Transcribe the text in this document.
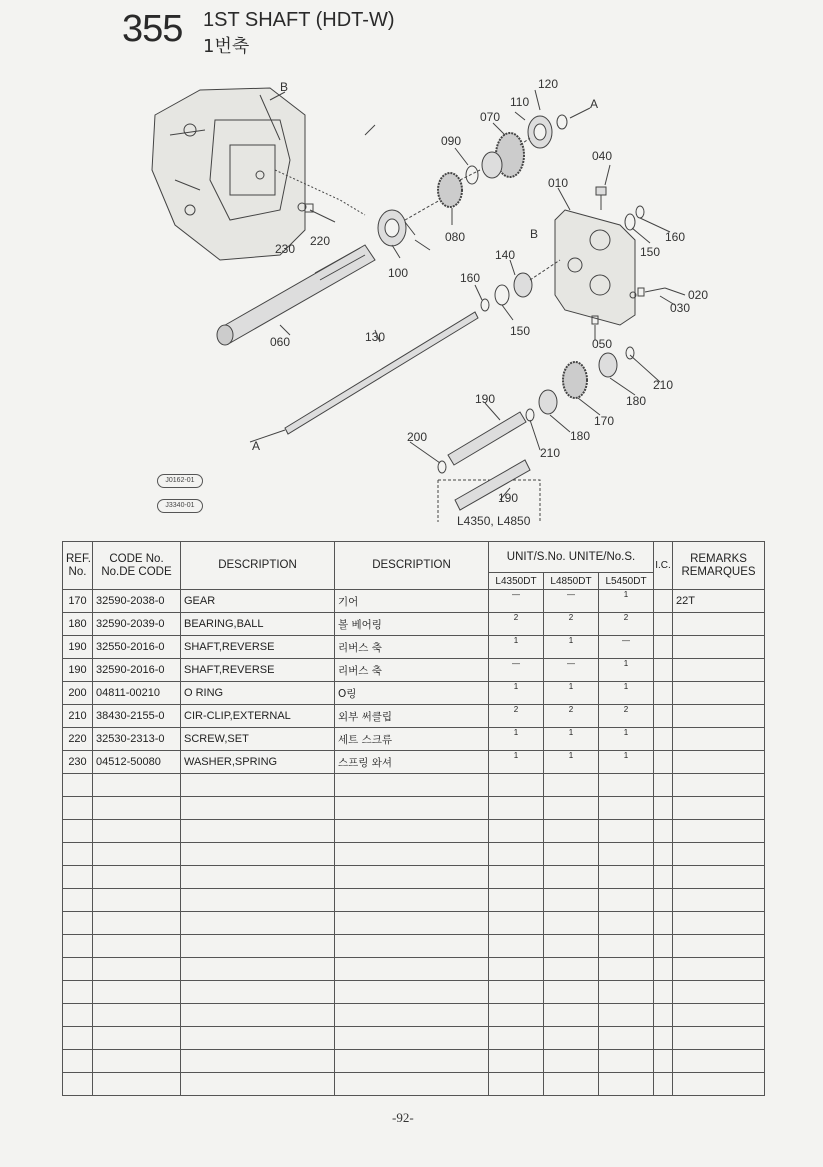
355 1ST SHAFT (HDT-W)
1번축
120
110
070
090
040
010
160
150
080
230
220
100
140
160
150
020
030
060	130	050
210
180
190
170
180
200
210
190
B
A
B
A
L4350, L4850
J0162-01
J3340-01
REF. No.	CODE No. No.DE CODE	DESCRIPTION	DESCRIPTION	UNIT/S.No. UNITE/No.S.			I.C.	REMARKS REMARQUES
				L4350DT	L4850DT	L5450DT		
170	32590-2038-0	GEAR	기어	—	—	1		22T
180	32590-2039-0	BEARING,BALL	볼 베어링	2	2	2		
190	32550-2016-0	SHAFT,REVERSE	리버스 축	1	1	—		
190	32590-2016-0	SHAFT,REVERSE	리버스 축	—	—	1		
200	04811-00210	O RING	O링	1	1	1		
210	38430-2155-0	CIR-CLIP,EXTERNAL	외부 써클립	2	2	2		
220	32530-2313-0	SCREW,SET	세트 스크류	1	1	1		
230	04512-50080	WASHER,SPRING	스프링 와셔	1	1	1		

-92-
